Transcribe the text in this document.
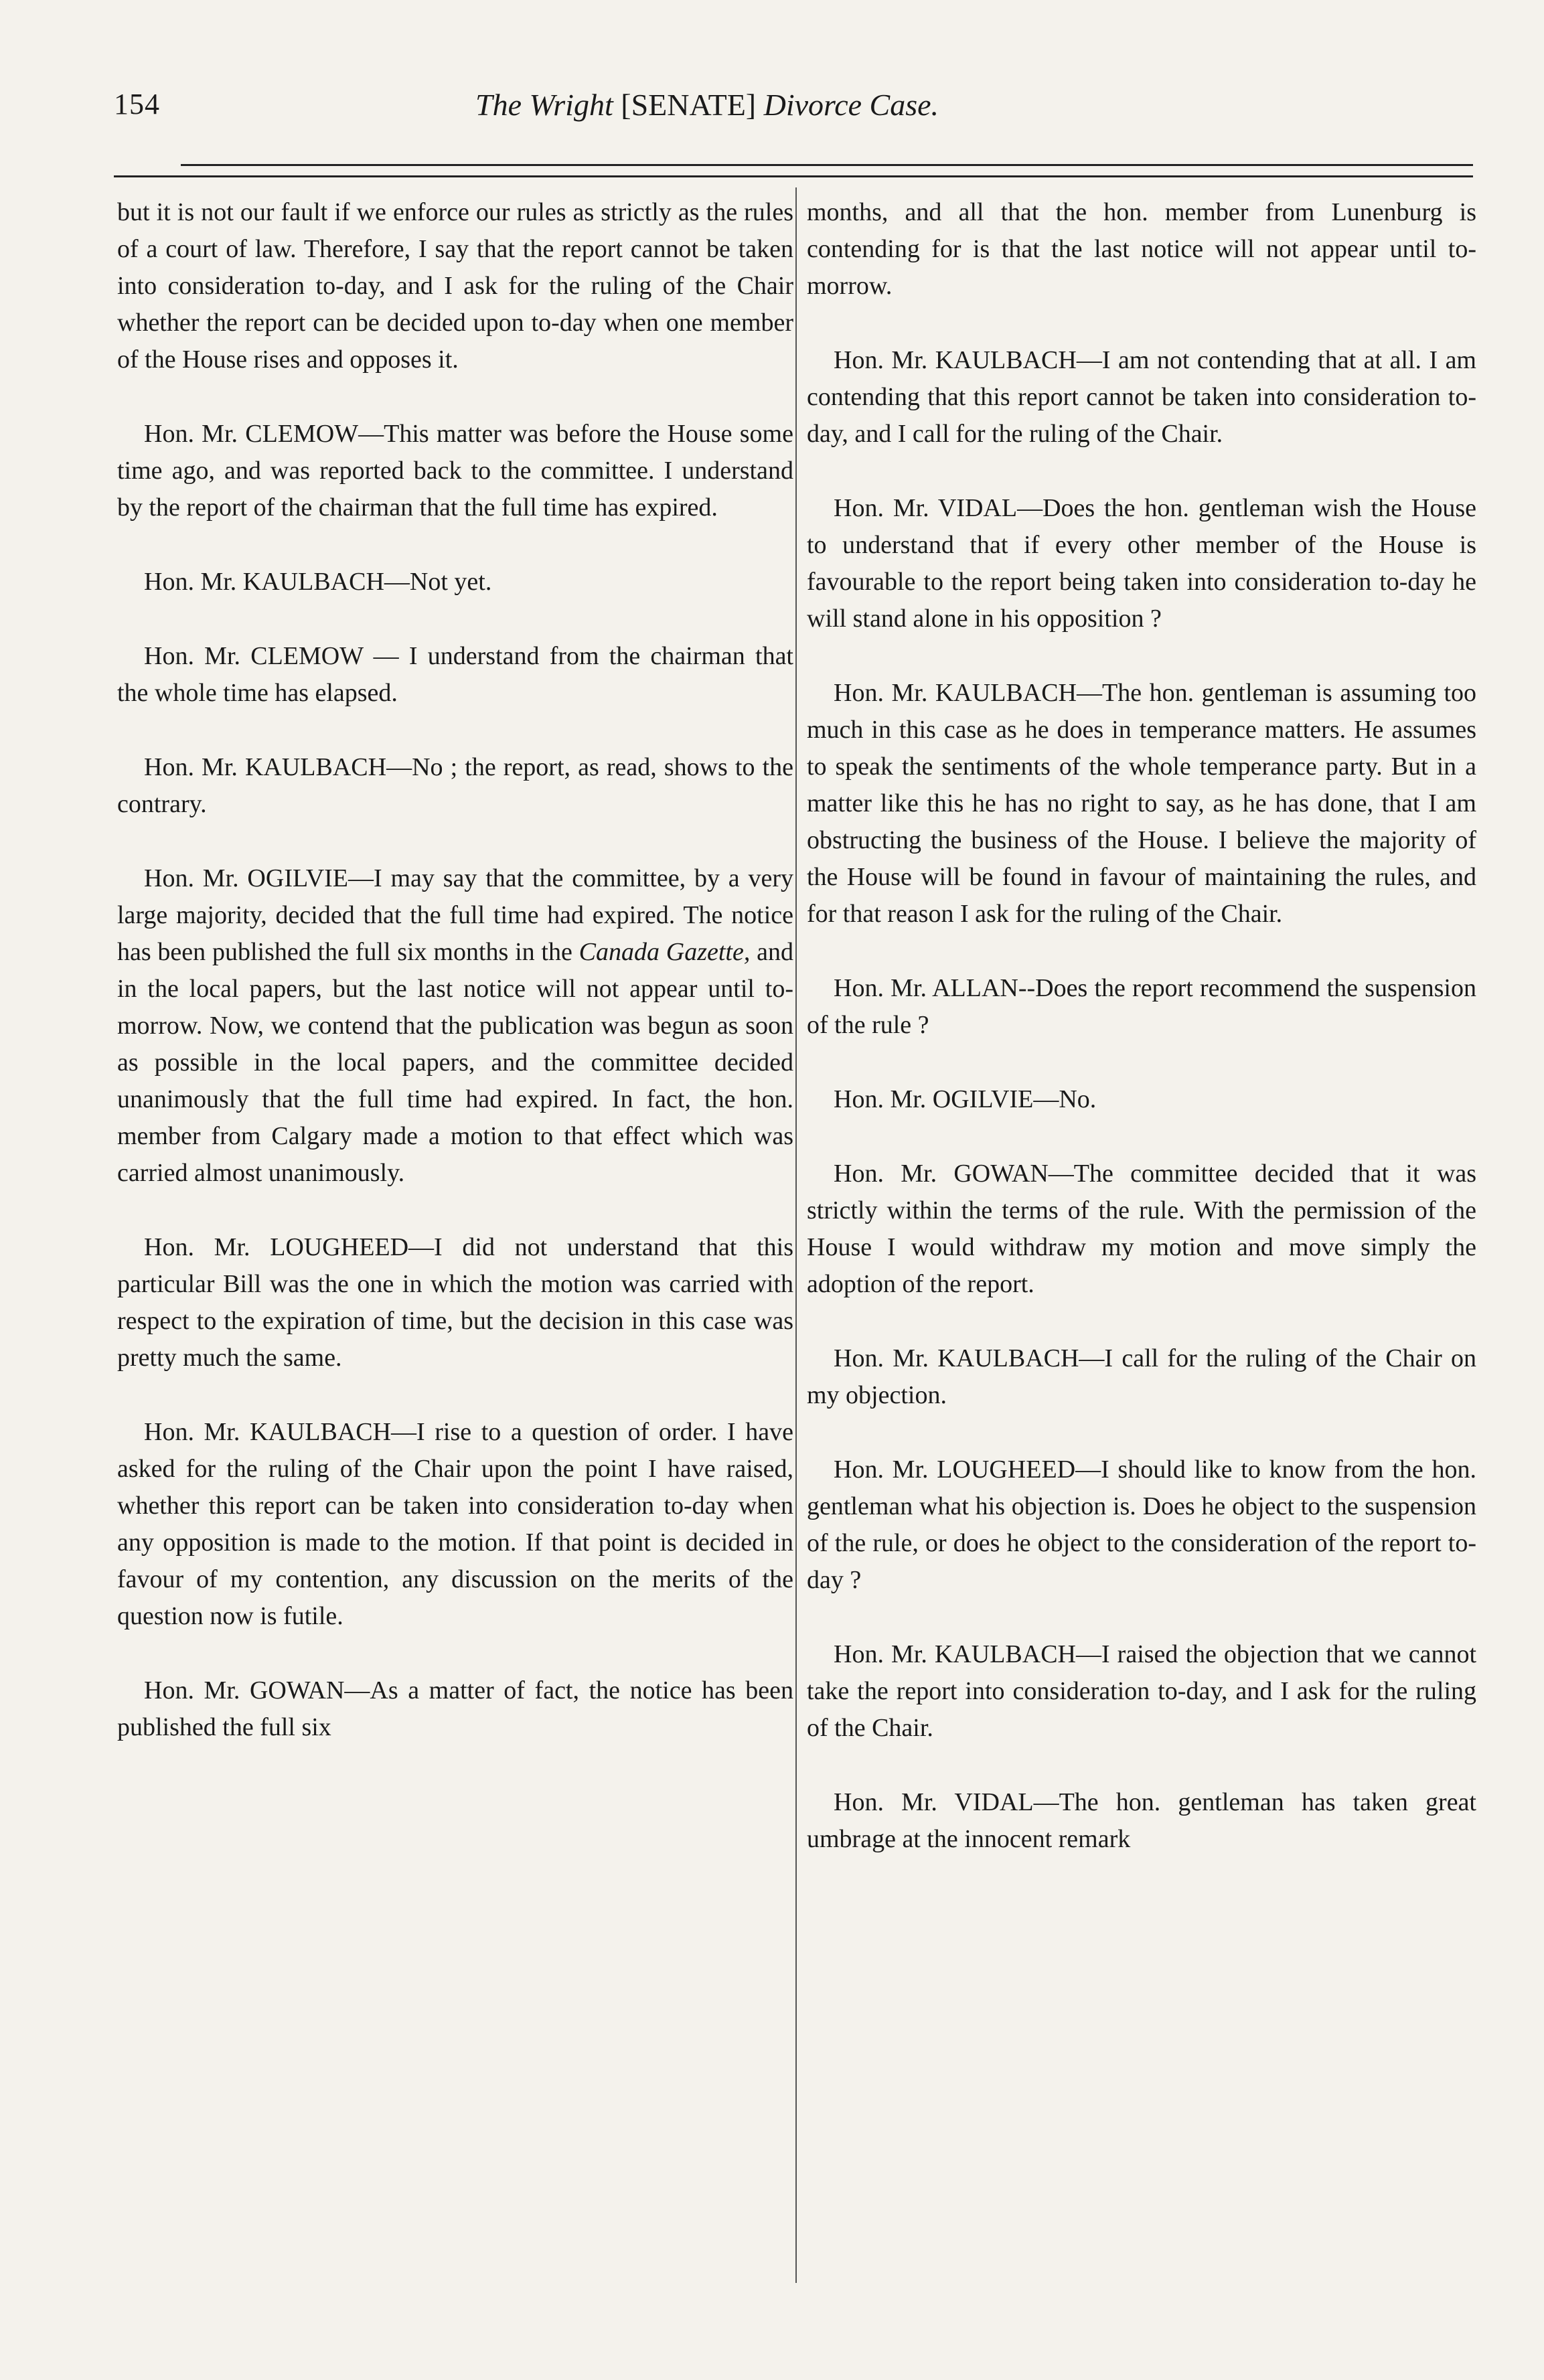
154	The Wright [SENATE] Divorce Case.

but it is not our fault if we enforce our rules as strictly as the rules of a court of law. Therefore, I say that the report cannot be taken into consideration to-day, and I ask for the ruling of the Chair whether the report can be decided upon to-day when one member of the House rises and opposes it.

Hon. Mr. CLEMOW—This matter was before the House some time ago, and was reported back to the committee. I understand by the report of the chairman that the full time has expired.

Hon. Mr. KAULBACH—Not yet.

Hon. Mr. CLEMOW — I understand from the chairman that the whole time has elapsed.

Hon. Mr. KAULBACH—No ; the report, as read, shows to the contrary.

Hon. Mr. OGILVIE—I may say that the committee, by a very large majority, decided that the full time had expired. The notice has been published the full six months in the Canada Gazette, and in the local papers, but the last notice will not appear until to-morrow. Now, we contend that the publication was begun as soon as possible in the local papers, and the committee decided unanimously that the full time had expired. In fact, the hon. member from Calgary made a motion to that effect which was carried almost unanimously.

Hon. Mr. LOUGHEED—I did not understand that this particular Bill was the one in which the motion was carried with respect to the expiration of time, but the decision in this case was pretty much the same.

Hon. Mr. KAULBACH—I rise to a question of order. I have asked for the ruling of the Chair upon the point I have raised, whether this report can be taken into consideration to-day when any opposition is made to the motion. If that point is decided in favour of my contention, any discussion on the merits of the question now is futile.

Hon. Mr. GOWAN—As a matter of fact, the notice has been published the full six

months, and all that the hon. member from Lunenburg is contending for is that the last notice will not appear until to-morrow.

Hon. Mr. KAULBACH—I am not contending that at all. I am contending that this report cannot be taken into consideration to-day, and I call for the ruling of the Chair.

Hon. Mr. VIDAL—Does the hon. gentleman wish the House to understand that if every other member of the House is favourable to the report being taken into consideration to-day he will stand alone in his opposition ?

Hon. Mr. KAULBACH—The hon. gentleman is assuming too much in this case as he does in temperance matters. He assumes to speak the sentiments of the whole temperance party. But in a matter like this he has no right to say, as he has done, that I am obstructing the business of the House. I believe the majority of the House will be found in favour of maintaining the rules, and for that reason I ask for the ruling of the Chair.

Hon. Mr. ALLAN--Does the report recommend the suspension of the rule ?

Hon. Mr. OGILVIE—No.

Hon. Mr. GOWAN—The committee decided that it was strictly within the terms of the rule. With the permission of the House I would withdraw my motion and move simply the adoption of the report.

Hon. Mr. KAULBACH—I call for the ruling of the Chair on my objection.

Hon. Mr. LOUGHEED—I should like to know from the hon. gentleman what his objection is. Does he object to the suspension of the rule, or does he object to the consideration of the report to-day ?

Hon. Mr. KAULBACH—I raised the objection that we cannot take the report into consideration to-day, and I ask for the ruling of the Chair.

Hon. Mr. VIDAL—The hon. gentleman has taken great umbrage at the innocent remark
